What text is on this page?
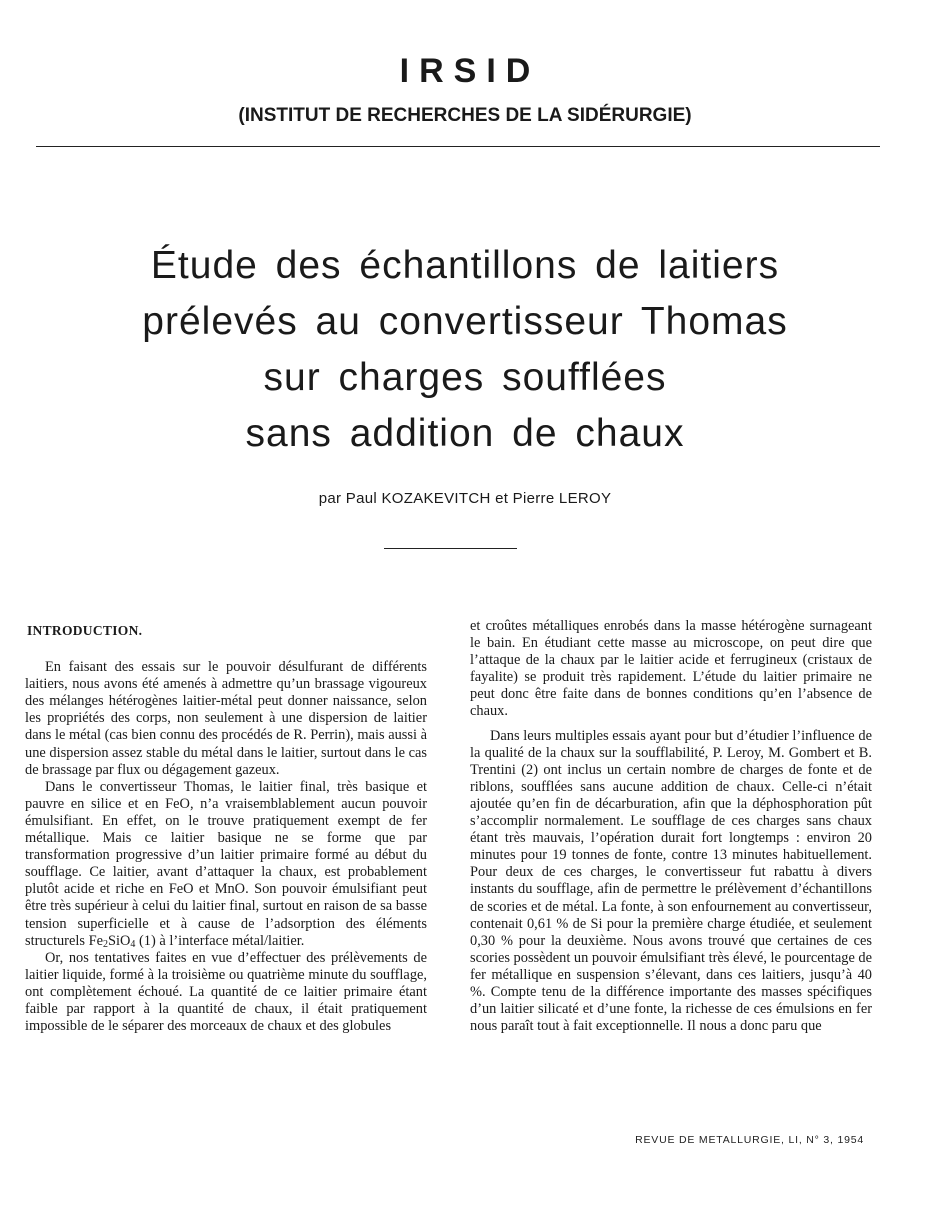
IRSID
(INSTITUT DE RECHERCHES DE LA SIDÉRURGIE)
Étude des échantillons de laitiers
prélevés au convertisseur Thomas
sur charges soufflées
sans addition de chaux
par Paul KOZAKEVITCH et Pierre LEROY
INTRODUCTION.

En faisant des essais sur le pouvoir désulfurant de différents laitiers, nous avons été amenés à admettre qu’un brassage vigoureux des mélanges hétérogènes laitier-métal peut donner naissance, selon les propriétés des corps, non seulement à une dispersion de laitier dans le métal (cas bien connu des procédés de R. Perrin), mais aussi à une dispersion assez stable du métal dans le laitier, surtout dans le cas de brassage par flux ou dégagement gazeux.

Dans le convertisseur Thomas, le laitier final, très basique et pauvre en silice et en FeO, n’a vraisemblablement aucun pouvoir émulsifiant. En effet, on le trouve pratiquement exempt de fer métallique. Mais ce laitier basique ne se forme que par transformation progressive d’un laitier primaire formé au début du soufflage. Ce laitier, avant d’attaquer la chaux, est probablement plutôt acide et riche en FeO et MnO. Son pouvoir émulsifiant peut être très supérieur à celui du laitier final, surtout en raison de sa basse tension superficielle et à cause de l’adsorption des éléments structurels $Fe_2SiO_4$ (1) à l’interface métal/laitier.

Or, nos tentatives faites en vue d’effectuer des prélèvements de laitier liquide, formé à la troisième ou quatrième minute du soufflage, ont complètement échoué. La quantité de ce laitier primaire étant faible par rapport à la quantité de chaux, il était pratiquement impossible de le séparer des morceaux de chaux et des globules

et croûtes métalliques enrobés dans la masse hétérogène surnageant le bain. En étudiant cette masse au microscope, on peut dire que l’attaque de la chaux par le laitier acide et ferrugineux (cristaux de fayalite) se produit très rapidement. L’étude du laitier primaire ne peut donc être faite dans de bonnes conditions qu’en l’absence de chaux.

Dans leurs multiples essais ayant pour but d’étudier l’influence de la qualité de la chaux sur la soufflabilité, P. Leroy, M. Gombert et B. Trentini (2) ont inclus un certain nombre de charges de fonte et de riblons, soufflées sans aucune addition de chaux. Celle-ci n’était ajoutée qu’en fin de décarburation, afin que la déphosphoration pût s’accomplir normalement. Le soufflage de ces charges sans chaux étant très mauvais, l’opération durait fort longtemps : environ 20 minutes pour 19 tonnes de fonte, contre 13 minutes habituellement. Pour deux de ces charges, le convertisseur fut rabattu à divers instants du soufflage, afin de permettre le prélèvement d’échantillons de scories et de métal. La fonte, à son enfournement au convertisseur, contenait 0,61 % de Si pour la première charge étudiée, et seulement 0,30 % pour la deuxième. Nous avons trouvé que certaines de ces scories possèdent un pouvoir émulsifiant très élevé, le pourcentage de fer métallique en suspension s’élevant, dans ces laitiers, jusqu’à 40 %. Compte tenu de la différence importante des masses spécifiques d’un laitier silicaté et d’une fonte, la richesse de ces émulsions en fer nous paraît tout à fait exceptionnelle. Il nous a donc paru que

REVUE DE METALLURGIE, LI, N° 3, 1954
